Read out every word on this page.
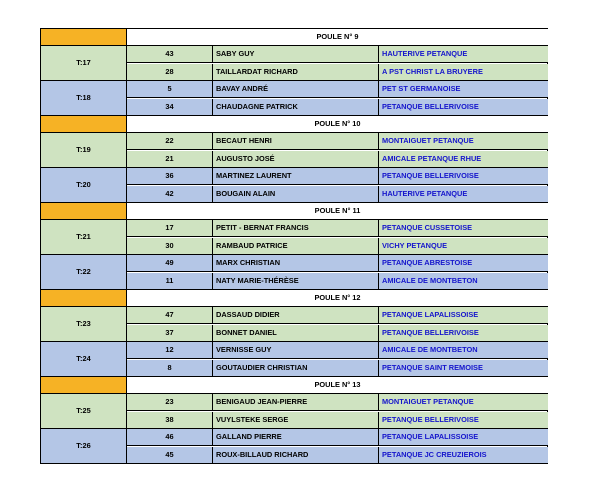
POULE N° 9
T:17
43	SABY GUY	HAUTERIVE PETANQUE
28	TAILLARDAT RICHARD	A PST CHRIST LA BRUYERE
T:18
5	BAVAY ANDRÉ	PET ST GERMANOISE
34	CHAUDAGNE PATRICK	PETANQUE BELLERIVOISE
POULE N° 10
T:19
22	BECAUT HENRI	MONTAIGUET PETANQUE
21	AUGUSTO JOSÉ	AMICALE PETANQUE RHUE
T:20
36	MARTINEZ LAURENT	PETANQUE BELLERIVOISE
42	BOUGAIN ALAIN	HAUTERIVE PETANQUE
POULE N° 11
T:21
17	PETIT - BERNAT FRANCIS	PETANQUE CUSSETOISE
30	RAMBAUD PATRICE	VICHY PETANQUE
T:22
49	MARX CHRISTIAN	PETANQUE ABRESTOISE
11	NATY MARIE-THÉRÈSE	AMICALE DE MONTBETON
POULE N° 12
T:23
47	DASSAUD DIDIER	PETANQUE LAPALISSOISE
37	BONNET DANIEL	PETANQUE BELLERIVOISE
T:24
12	VERNISSE GUY	AMICALE DE MONTBETON
8	GOUTAUDIER CHRISTIAN	PETANQUE SAINT REMOISE
POULE N° 13
T:25
23	BENIGAUD JEAN-PIERRE	MONTAIGUET PETANQUE
38	VUYLSTEKE SERGE	PETANQUE BELLERIVOISE
T:26
46	GALLAND PIERRE	PETANQUE LAPALISSOISE
45	ROUX-BILLAUD RICHARD	PETANQUE JC CREUZIEROIS
